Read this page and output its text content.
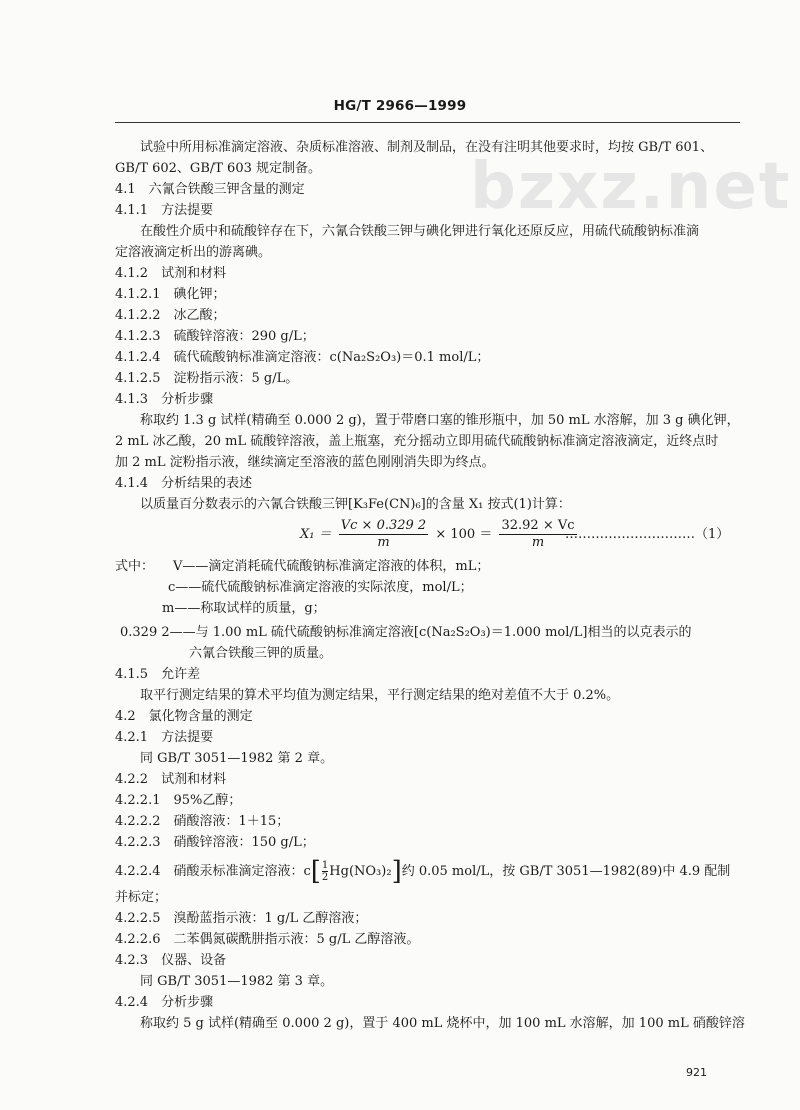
HG/T 2966—1999
bzxz.net
试验中所用标准滴定溶液、杂质标准溶液、制剂及制品，在没有注明其他要求时，均按 GB/T 601、
GB/T 602、GB/T 603 规定制备。
4.1　六氰合铁酸三钾含量的测定
4.1.1　方法提要
在酸性介质中和硫酸锌存在下，六氰合铁酸三钾与碘化钾进行氧化还原反应，用硫代硫酸钠标准滴
定溶液滴定析出的游离碘。
4.1.2　试剂和材料
4.1.2.1　碘化钾；
4.1.2.2　冰乙酸；
4.1.2.3　硫酸锌溶液：290 g/L；
4.1.2.4　硫代硫酸钠标准滴定溶液：c(Na₂S₂O₃)＝0.1 mol/L；
4.1.2.5　淀粉指示液：5 g/L。
4.1.3　分析步骤
称取约 1.3 g 试样(精确至 0.000 2 g)，置于带磨口塞的锥形瓶中，加 50 mL 水溶解，加 3 g 碘化钾，
2 mL 冰乙酸，20 mL 硫酸锌溶液，盖上瓶塞，充分摇动立即用硫代硫酸钠标准滴定溶液滴定，近终点时
加 2 mL 淀粉指示液，继续滴定至溶液的蓝色刚刚消失即为终点。
4.1.4　分析结果的表述
以质量百分数表示的六氰合铁酸三钾[K₃Fe(CN)₆]的含量 X₁ 按式(1)计算：
$X_1 = \frac{Vc \times 0.329 2}{m} \times 100 = \frac{32.92 \times Vc}{m}$
…………………………（1）
式中： V——滴定消耗硫代硫酸钠标准滴定溶液的体积，mL；
c——硫代硫酸钠标准滴定溶液的实际浓度，mol/L；
m——称取试样的质量，g；
0.329 2——与 1.00 mL 硫代硫酸钠标准滴定溶液[c(Na₂S₂O₃)＝1.000 mol/L]相当的以克表示的
六氰合铁酸三钾的质量。
4.1.5　允许差
取平行测定结果的算术平均值为测定结果，平行测定结果的绝对差值不大于 0.2%。
4.2　氯化物含量的测定
4.2.1　方法提要
同 GB/T 3051—1982 第 2 章。
4.2.2　试剂和材料
4.2.2.1　95%乙醇；
4.2.2.2　硝酸溶液：1＋15；
4.2.2.3　硝酸锌溶液：150 g/L；
4.2.2.4　硝酸汞标准滴定溶液：$c[ \frac{1}{2} Hg(NO_3)_2]$约 0.05 mol/L，按 GB/T 3051—1982(89)中 4.9 配制
并标定；
4.2.2.5　溴酚蓝指示液：1 g/L 乙醇溶液；
4.2.2.6　二苯偶氮碳酰肼指示液：5 g/L 乙醇溶液。
4.2.3　仪器、设备
同 GB/T 3051—1982 第 3 章。
4.2.4　分析步骤
称取约 5 g 试样(精确至 0.000 2 g)，置于 400 mL 烧杯中，加 100 mL 水溶解，加 100 mL 硝酸锌溶
921
